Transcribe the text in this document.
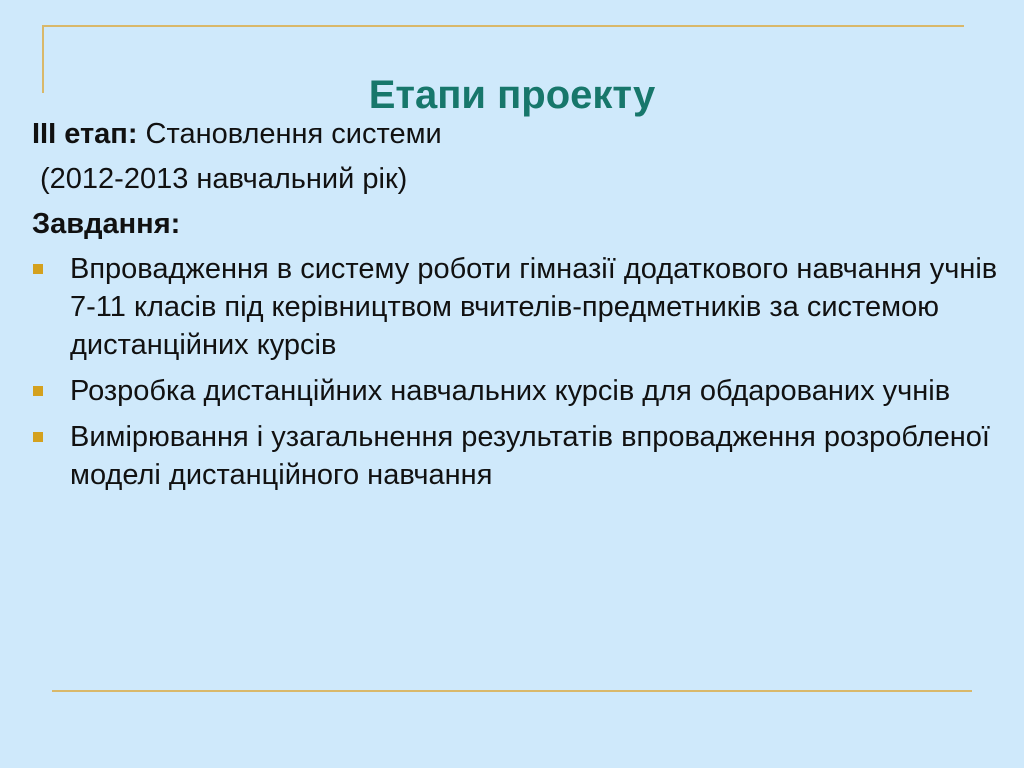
Етапи проекту
ІІІ етап: Становлення системи
(2012-2013 навчальний рік)
Завдання:
Впровадження в систему роботи гімназії додаткового навчання учнів 7-11 класів під керівництвом вчителів-предметників за системою дистанційних курсів
Розробка дистанційних навчальних курсів для обдарованих учнів
Вимірювання і узагальнення результатів впровадження розробленої моделі дистанційного навчання
